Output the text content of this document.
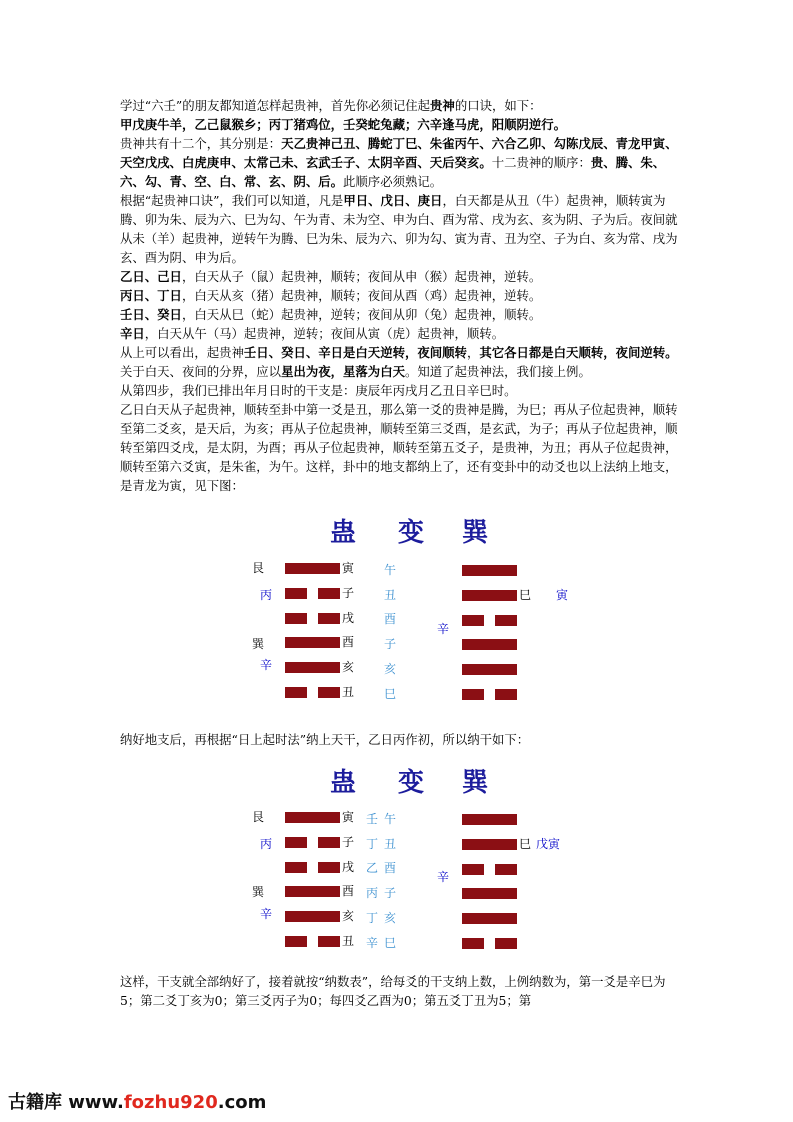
学过“六壬”的朋友都知道怎样起贵神，首先你必须记住起贵神的口诀，如下：

甲戊庚牛羊，乙己鼠猴乡；丙丁猪鸡位，壬癸蛇兔藏；六辛逢马虎，阳顺阴逆行。

贵神共有十二个，其分别是：天乙贵神己丑、腾蛇丁巳、朱雀丙午、六合乙卯、勾陈戊辰、青龙甲寅、天空戊戌、白虎庚申、太常己未、玄武壬子、太阴辛酉、天后癸亥。十二贵神的顺序：贵、腾、朱、六、勾、青、空、白、常、玄、阴、后。此顺序必须熟记。

根据“起贵神口诀”，我们可以知道，凡是甲日、戊日、庚日，白天都是从丑（牛）起贵神，顺转寅为腾、卯为朱、辰为六、巳为勾、午为青、未为空、申为白、酉为常、戌为玄、亥为阴、子为后。夜间就从未（羊）起贵神，逆转午为腾、巳为朱、辰为六、卯为勾、寅为青、丑为空、子为白、亥为常、戌为玄、酉为阴、申为后。

乙日、己日，白天从子（鼠）起贵神，顺转；夜间从申（猴）起贵神，逆转。

丙日、丁日，白天从亥（猪）起贵神，顺转；夜间从酉（鸡）起贵神，逆转。

壬日、癸日，白天从巳（蛇）起贵神，逆转；夜间从卯（兔）起贵神，顺转。

辛日，白天从午（马）起贵神，逆转；夜间从寅（虎）起贵神，顺转。

从上可以看出，起贵神壬日、癸日、辛日是白天逆转，夜间顺转，其它各日都是白天顺转，夜间逆转。

关于白天、夜间的分界，应以星出为夜，星落为白天。知道了起贵神法，我们接上例。

从第四步，我们已排出年月日时的干支是：庚辰年丙戌月乙丑日辛巳时。

乙日白天从子起贵神，顺转至卦中第一爻是丑，那么第一爻的贵神是腾，为巳；再从子位起贵神，顺转至第二爻亥，是天后，为亥；再从子位起贵神，顺转至第三爻酉，是玄武，为子；再从子位起贵神，顺转至第四爻戌，是太阴，为酉；再从子位起贵神，顺转至第五爻子，是贵神，为丑；再从子位起贵神，顺转至第六爻寅，是朱雀，为午。这样，卦中的地支都纳上了，还有变卦中的动爻也以上法纳上地支，是青龙为寅，见下图：

蛊 变 巽
艮
丙
巽
辛
寅
子
戌
酉
亥
丑
午
丑
酉
子
亥
巳
辛
巳 寅
纳好地支后，再根据“日上起时法”纳上天干，乙日丙作初，所以纳干如下：
蛊 变 巽
艮
丙
巽
辛
寅
子
戌
酉
亥
丑
壬
丁
乙
丙
丁
辛
午
丑
酉
子
亥
巳
辛
巳 戊寅
这样，干支就全部纳好了，接着就按“纳数表”，给每爻的干支纳上数，上例纳数为，第一爻是辛巳为5；第二爻丁亥为0；第三爻丙子为0；每四爻乙酉为0；第五爻丁丑为5；第
古籍库 www.fozhu920.com
